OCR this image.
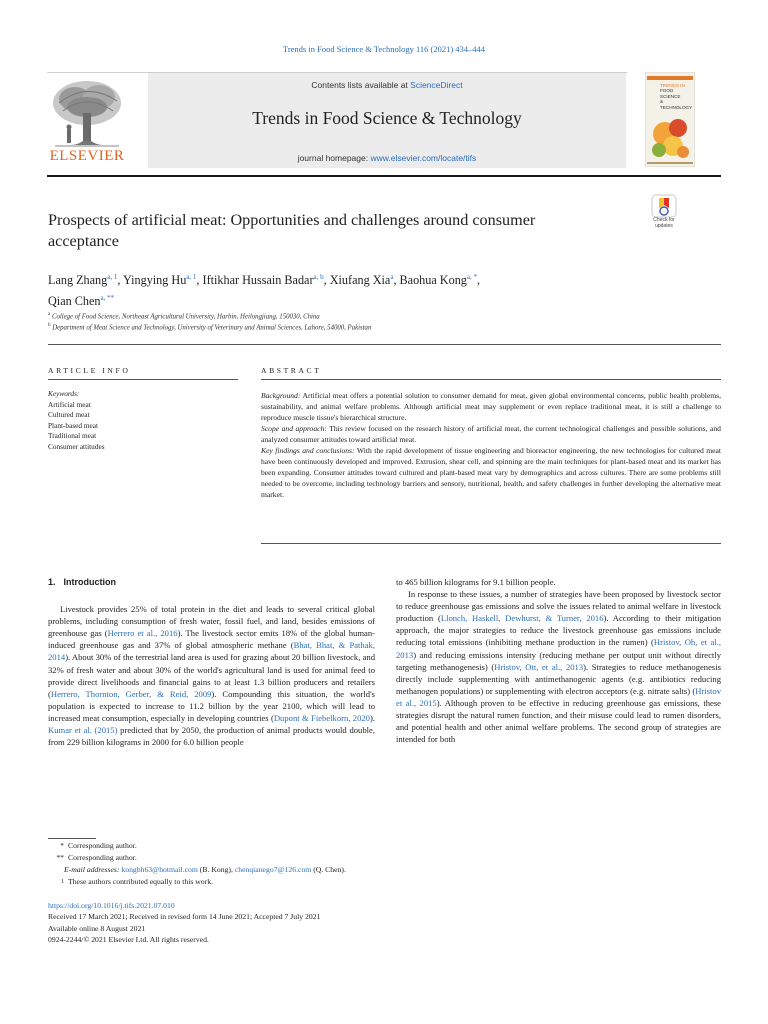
Trends in Food Science & Technology 116 (2021) 434–444
ELSEVIER
Contents lists available at ScienceDirect
Trends in Food Science & Technology
journal homepage: www.elsevier.com/locate/tifs
TRENDS IN
FOOD SCIENCE
& TECHNOLOGY
Prospects of artificial meat: Opportunities and challenges around consumer acceptance
Check for
updates
Lang Zhang$^{a, 1}$, Yingying Hu$^{a, 1}$, Iftikhar Hussain Badar$^{a, b}$, Xiufang Xia$^a$, Baohua Kong$^{a, *}$,
Qian Chen$^{a, **}$
$^a$ College of Food Science, Northeast Agricultural University, Harbin, Heilongjiang, 150030, China
$^b$ Department of Meat Science and Technology, University of Veterinary and Animal Sciences, Lahore, 54000, Pakistan
ARTICLE INFO
Keywords:
Artificial meat
Cultured meat
Plant-based meat
Traditional meat
Consumer attitudes
ABSTRACT

Background: Artificial meat offers a potential solution to consumer demand for meat, given global environmental concerns, public health problems, sustainability, and animal welfare problems. Although artificial meat may supplement or even replace traditional meat, it is still a challenge to reproduce muscle tissue's hierarchical structure.

Scope and approach: This review focused on the research history of artificial meat, the current technological challenges and possible solutions, and analyzed consumer attitudes toward artificial meat.

Key findings and conclusions: With the rapid development of tissue engineering and bioreactor engineering, the new technologies for cultured meat have been continuously developed and improved. Extrusion, shear cell, and spinning are the main techniques for plant-based meat and its market has been expanding. Consumer attitudes toward cultured and plant-based meat vary by demographics and across cultures. There are some problems still needed to be overcome, including technology barriers and sensory, nutritional, health, and safety challenges in further developing the alternative meat market.

1. Introduction

Livestock provides 25% of total protein in the diet and leads to several critical global problems, including consumption of fresh water, fossil fuel, and land, besides emissions of greenhouse gas (Herrero et al., 2016). The livestock sector emits 18% of the global human-induced greenhouse gas and 37% of global atmospheric methane (Bhat, Bhat, & Pathak, 2014). About 30% of the terrestrial land area is used for grazing about 20 billion livestock, and 32% of fresh water and about 30% of the world's agricultural land is used for animal feed to provide direct livelihoods and financial gains to at least 1.3 billion producers and retailers (Herrero, Thornton, Gerber, & Reid, 2009). Compounding this situation, the world's population is expected to increase to 11.2 billion by the year 2100, which will lead to increased meat consumption, especially in developing countries (Dupont & Fiebelkorn, 2020). Kumar et al. (2015) predicted that by 2050, the production of animal products would double, from 229 billion kilograms in 2000 for 6.0 billion people

to 465 billion kilograms for 9.1 billion people.

In response to these issues, a number of strategies have been proposed by livestock sector to reduce greenhouse gas emissions and solve the issues related to animal welfare in livestock production (Llonch, Haskell, Dewhurst, & Turner, 2016). According to their mitigation approach, the major strategies to reduce the livestock greenhouse gas emissions include reducing total emissions (inhibiting methane production in the rumen) (Hristov, Oh, et al., 2013) and reducing emissions intensity (reducing methane per output unit without directly targeting methanogenesis) (Hristov, Ott, et al., 2013). Strategies to reduce methanogenesis directly include supplementing with antimethanogenic agents (e.g. antibiotics reducing methanogen populations) or supplementing with electron acceptors (e.g. nitrate salts) (Hristov et al., 2015). Although proven to be effective in reducing greenhouse gas emissions, these strategies disrupt the natural rumen function, and their misuse could lead to rumen disorders, and potential health and other animal welfare problems. The second group of strategies are intended for both

* Corresponding author.
** Corresponding author.
E-mail addresses: kongbh63@hotmail.com (B. Kong), chenqianego7@126.com (Q. Chen).
1 These authors contributed equally to this work.
https://doi.org/10.1016/j.tifs.2021.07.010
Received 17 March 2021; Received in revised form 14 June 2021; Accepted 7 July 2021
Available online 8 August 2021
0924-2244/© 2021 Elsevier Ltd. All rights reserved.
